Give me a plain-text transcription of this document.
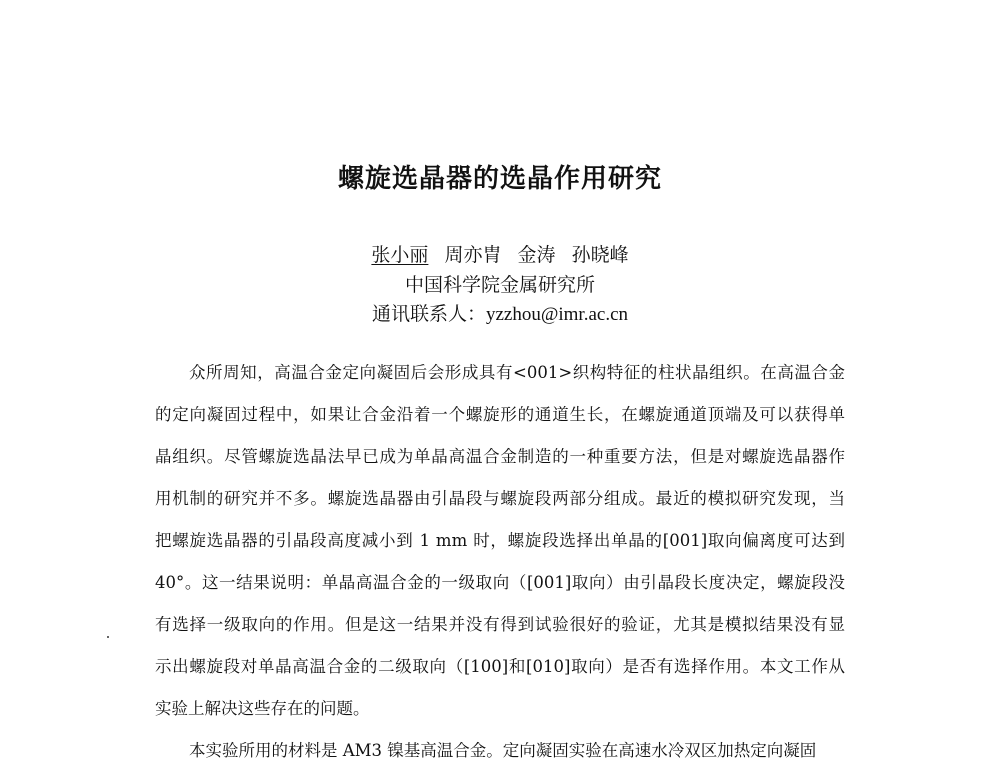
螺旋选晶器的选晶作用研究
张小丽 周亦胄 金涛 孙晓峰
中国科学院金属研究所
通讯联系人：yzzhou@imr.ac.cn
众所周知，高温合金定向凝固后会形成具有<001>织构特征的柱状晶组织。在高温合金
的定向凝固过程中，如果让合金沿着一个螺旋形的通道生长，在螺旋通道顶端及可以获得单
晶组织。尽管螺旋选晶法早已成为单晶高温合金制造的一种重要方法，但是对螺旋选晶器作
用机制的研究并不多。螺旋选晶器由引晶段与螺旋段两部分组成。最近的模拟研究发现，当
把螺旋选晶器的引晶段高度减小到 1 mm 时，螺旋段选择出单晶的[001]取向偏离度可达到
40°。这一结果说明：单晶高温合金的一级取向（[001]取向）由引晶段长度决定，螺旋段没
有选择一级取向的作用。但是这一结果并没有得到试验很好的验证，尤其是模拟结果没有显
示出螺旋段对单晶高温合金的二级取向（[100]和[010]取向）是否有选择作用。本文工作从
实验上解决这些存在的问题。
本实验所用的材料是 AM3 镍基高温合金。定向凝固实验在高速水冷双区加热定向凝固
